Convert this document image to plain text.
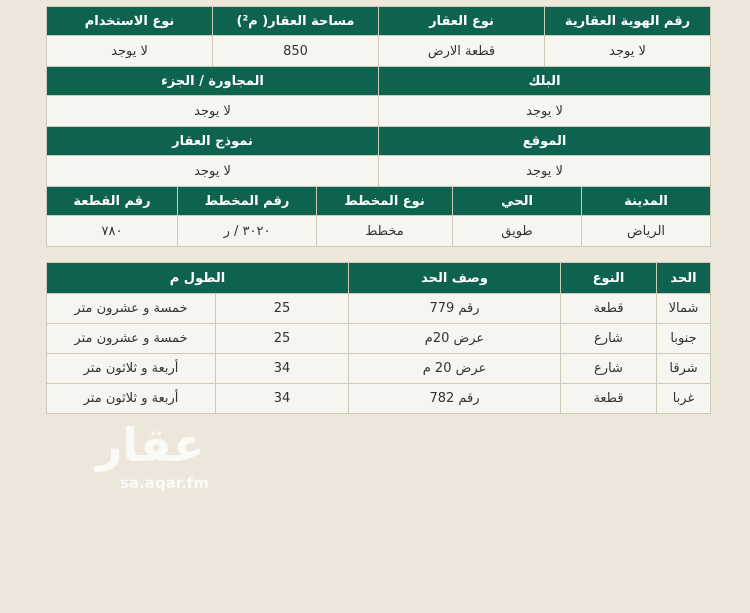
رقم الهوية العقارية	نوع العقار	مساحة العقار( م²)	نوع الاستخدام
لا يوجد	قطعة الارض	850	لا يوجد
البلك	المجاورة / الجزء
لا يوجد	لا يوجد
الموقع	نموذج العقار
لا يوجد	لا يوجد
المدينة	الحي	نوع المخطط	رقم المخطط	رقم القطعة
الرياض	طويق	مخطط	٣٠٢٠ / ر	٧٨٠
الحد	النوع	وصف الحد	الطول م	
شمالا	قطعة	رقم 779	25	خمسة و عشرون متر
جنوبا	شارع	عرض 20م	25	خمسة و عشرون متر
شرقا	شارع	عرض 20 م	34	أربعة و ثلاثون متر
غربا	قطعة	رقم 782	34	أربعة و ثلاثون متر
عقار
sa.aqar.fm
